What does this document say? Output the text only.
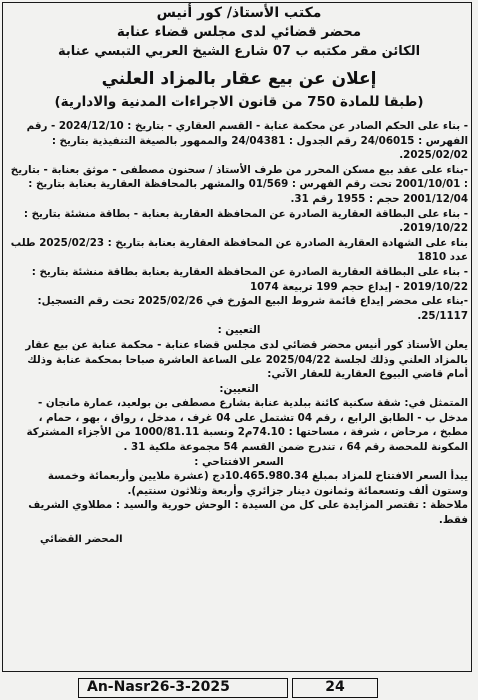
مكتب الأستاذ/ كور أنيس
محضر قضائي لدى مجلس قضاء عنابة
الكائن مقر مكتبه ب 07 شارع الشيخ العربي التبسي عنابة
إعلان عن بيع عقار بالمزاد العلني
(طبقا للمادة 750 من قانون الاجراءات المدنية والادارية)

- بناء على الحكم الصادر عن محكمة عنابة - القسم العقاري - بتاريخ : 2024/12/10 - رقم الفهرس : 24/06015 رقم الجدول : 24/04381 والممهور بالصيغة التنفيذية بتاريخ : 2025/02/02.

-بناء على عقد بيع مسكن المحرر من طرف الأستاذ / سحنون مصطفى - موثق بعنابة - بتاريخ : 2001/10/01 تحت رقم الفهرس : 01/569 والمشهر بالمحافظة العقارية بعنابة بتاريخ : 2001/12/04 حجم : 1955 رقم 31.

- بناء على البطاقة العقارية الصادرة عن المحافظة العقارية بعنابة - بطاقة منشئة بتاريخ : 2019/10/22.

بناء على الشهادة العقارية الصادرة عن المحافظة العقارية بعنابة بتاريخ : 2025/02/23 طلب عدد 1810

- بناء على البطاقة العقارية الصادرة عن المحافظة العقارية بعنابة بطاقة منشئة بتاريخ : 2019/10/22 - إيداع حجم 199 تربيعة 1074

-بناء على محضر إيداع قائمة شروط البيع المؤرخ في 2025/02/26 تحت رقم التسجيل: 25/1117.

التعيين :

يعلن الأستاذ كور أنيس محضر قضائي لدى مجلس قضاء عنابة - محكمة عنابة عن بيع عقار بالمزاد العلني وذلك لجلسة 2025/04/22 على الساعة العاشرة صباحا بمحكمة عنابة وذلك أمام قاضي البيوع العقارية للعقار الآتي:

التعيين:

المتمثل في: شقة سكنية كائنة ببلدية عنابة بشارع مصطفى بن بولعيد، عمارة مانجان - مدخل ب - الطابق الرابع ، رقم 04 تشتمل على 04 غرف ، مدخل ، رواق ، بهو ، حمام ، مطبخ ، مرحاض ، شرفة ، مساحتها : 74.10م2 ونسبة 1000/81.11 من الأجزاء المشتركة المكونة للمحصة رقم 64 ، تندرج ضمن القسم 54 مجموعة ملكية 31 .

السعر الافتتاحي :

يبدأ السعر الافتتاح للمزاد بمبلغ 10.465.980.34دج (عشرة ملايين وأربعمائة وخمسة وستون ألف وتسعمائة وثمانون دينار جزائري وأربعة وثلاثون سنتيم).

ملاحظة : تقتصر المزايدة على كل من السيدة : الوحش حورية والسيد : مطلاوي الشريف فقط.

المحضر القضائي
An-Nasr26-3-2025	24
